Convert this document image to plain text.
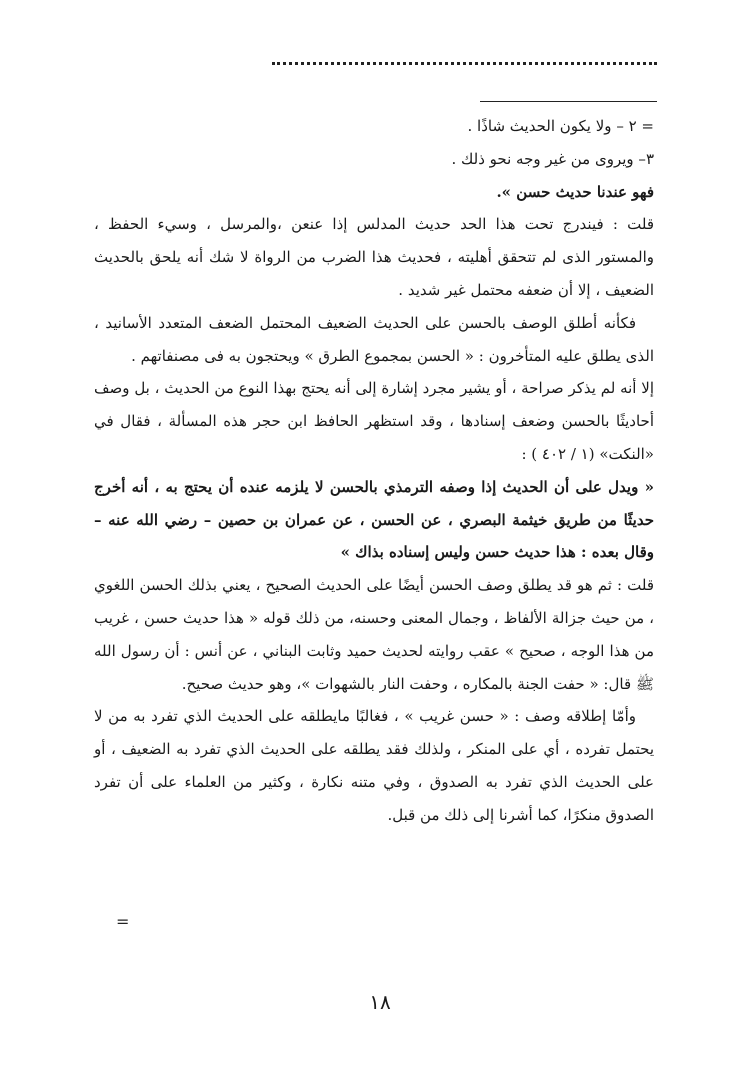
= ٢ – ولا يكون الحديث شاذًا .

٣– ويروى من غير وجه نحو ذلك .

فهو عندنا حديث حسن ».

قلت : فيندرج تحت هذا الحد حديث المدلس إذا عنعن ،والمرسل ، وسيء الحفظ ، والمستور الذى لم تتحقق أهليته ، فحديث هذا الضرب من الرواة لا شك أنه يلحق بالحديث الضعيف ، إلا أن ضعفه محتمل غير شديد .

فكأنه أطلق الوصف بالحسن على الحديث الضعيف المحتمل الضعف المتعدد الأسانيد ، الذى يطلق عليه المتأخرون : « الحسن بمجموع الطرق » ويحتجون به فى مصنفاتهم .

إلا أنه لم يذكر صراحة ، أو يشير مجرد إشارة إلى أنه يحتج بهذا النوع من الحديث ، بل وصف أحاديثًا بالحسن وضعف إسنادها ، وقد استظهر الحافظ ابن حجر هذه المسألة ، فقال في «النكت» (١ / ٤٠٢ ) :

« ويدل على أن الحديث إذا وصفه الترمذي بالحسن لا يلزمه عنده أن يحتج به ، أنه أخرج حديثًا من طريق خيثمة البصري ، عن الحسن ، عن عمران بن حصين – رضي الله عنه – وقال بعده : هذا حديث حسن وليس إسناده بذاك »

قلت : ثم هو قد يطلق وصف الحسن أيضًا على الحديث الصحيح ، يعني بذلك الحسن اللغوي ، من حيث جزالة الألفاظ ، وجمال المعنى وحسنه، من ذلك قوله « هذا حديث حسن ، غريب من هذا الوجه ، صحيح » عقب روايته لحديث حميد وثابت البناني ، عن أنس : أن رسول الله ﷺ قال: « حفت الجنة بالمكاره ، وحفت النار بالشهوات »، وهو حديث صحيح.

وأمّا إطلاقه وصف : « حسن غريب » ، فغالبًا مايطلقه على الحديث الذي تفرد به من لا يحتمل تفرده ، أي على المنكر ، ولذلك فقد يطلقه على الحديث الذي تفرد به الضعيف ، أو على الحديث الذي تفرد به الصدوق ، وفي متنه نكارة ، وكثير من العلماء على أن تفرد الصدوق منكرًا، كما أشرنا إلى ذلك من قبل.

=
١٨
